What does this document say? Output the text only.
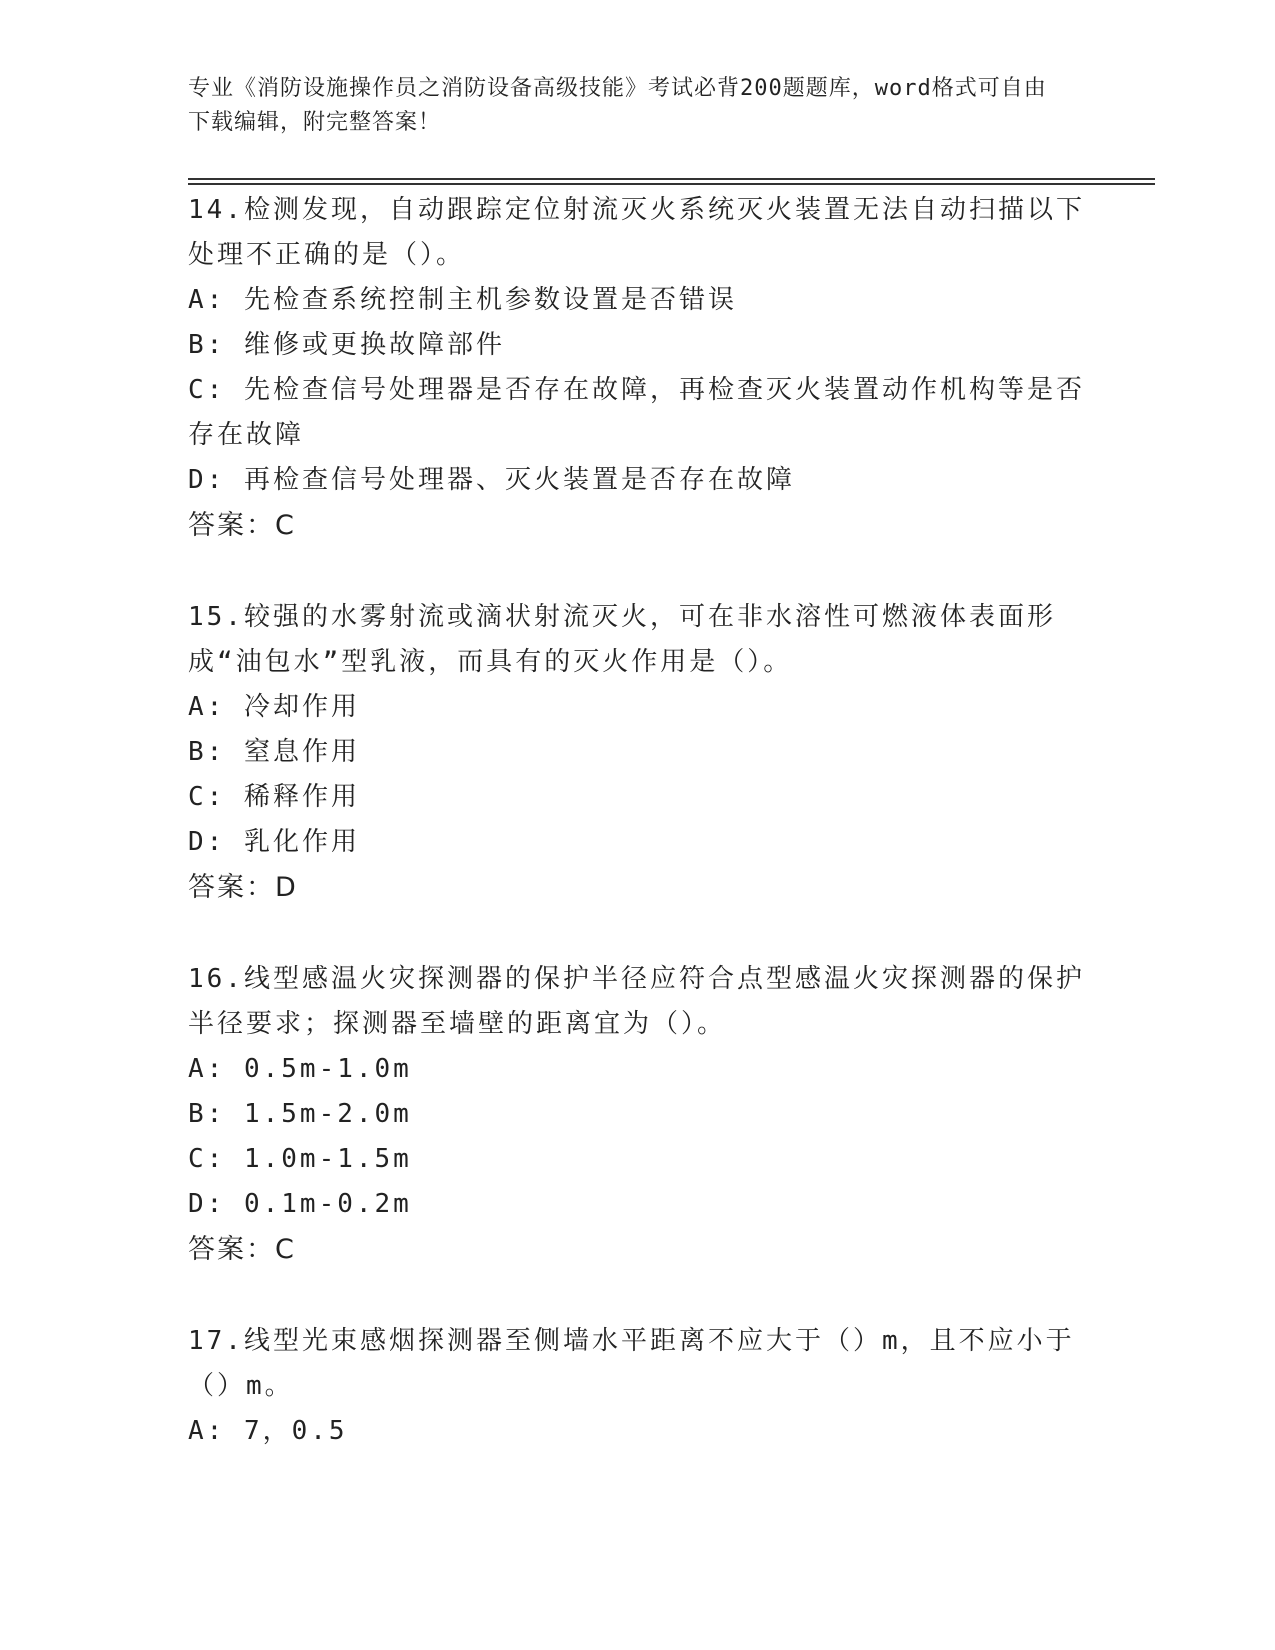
专业《消防设施操作员之消防设备高级技能》考试必背200题题库，word格式可自由下载编辑，附完整答案！
14.检测发现，自动跟踪定位射流灭火系统灭火装置无法自动扫描以下处理不正确的是（）。
A: 先检查系统控制主机参数设置是否错误
B: 维修或更换故障部件
C: 先检查信号处理器是否存在故障，再检查灭火装置动作机构等是否存在故障
D: 再检查信号处理器、灭火装置是否存在故障
答案：C
15.较强的水雾射流或滴状射流灭火，可在非水溶性可燃液体表面形成“油包水”型乳液，而具有的灭火作用是（）。
A: 冷却作用
B: 窒息作用
C: 稀释作用
D: 乳化作用
答案：D
16.线型感温火灾探测器的保护半径应符合点型感温火灾探测器的保护半径要求；探测器至墙壁的距离宜为（）。
A: 0.5m-1.0m
B: 1.5m-2.0m
C: 1.0m-1.5m
D: 0.1m-0.2m
答案：C
17.线型光束感烟探测器至侧墙水平距离不应大于（）m，且不应小于（）m。
A: 7，0.5
